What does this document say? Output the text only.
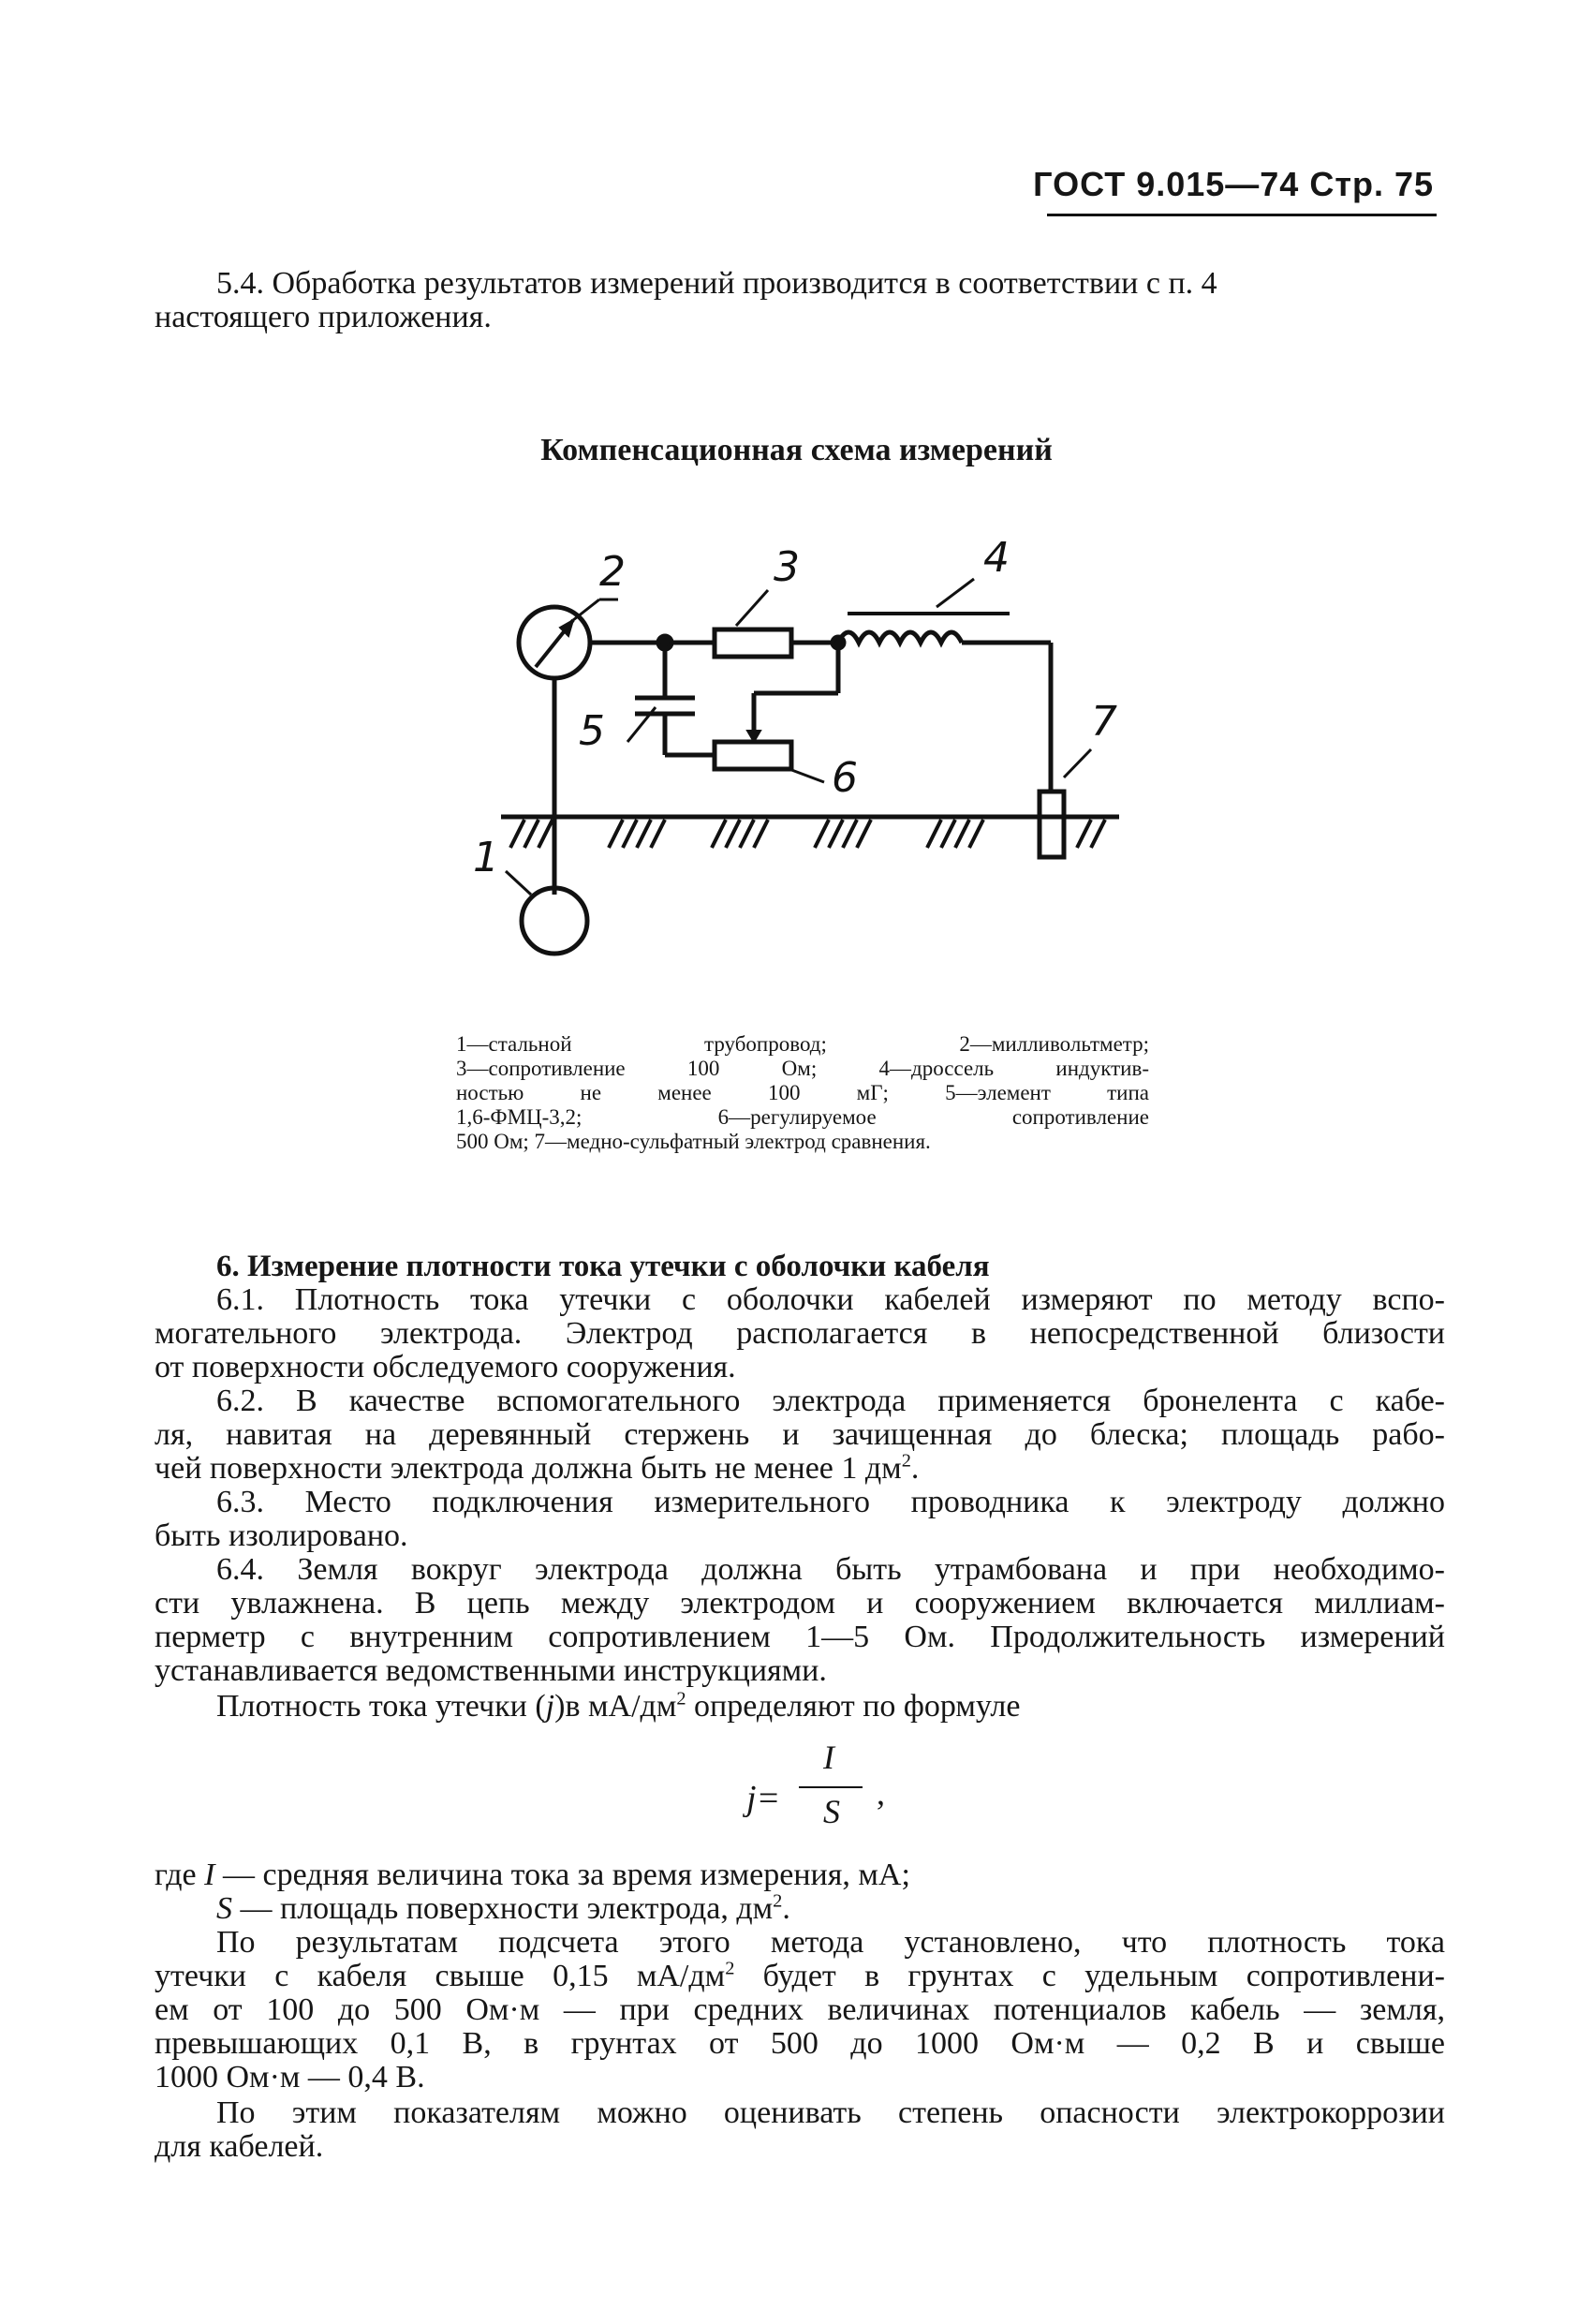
ГОСТ 9.015—74 Стр. 75
5.4. Обработка результатов измерений производится в соответствии с п. 4
настоящего приложения.
Компенсационная схема измерений
2	3	4
5
6
7
1
1—стальной трубопровод; 2—милливольтметр;
3—сопротивление 100 Ом; 4—дроссель индуктив-
ностью не менее 100 мГ; 5—элемент типа
1,6-ФМЦ-3,2; 6—регулируемое сопротивление
500 Ом; 7—медно-сульфатный электрод сравнения.
6. Измерение плотности тока утечки с оболочки кабеля
6.1. Плотность тока утечки с оболочки кабелей измеряют по методу вспо-
могательного электрода. Электрод располагается в непосредственной близости
от поверхности обследуемого сооружения.
6.2. В качестве вспомогательного электрода применяется бронелента с кабе-
ля, навитая на деревянный стержень и зачищенная до блеска; площадь рабо-
чей поверхности электрода должна быть не менее 1 $дм^2$.
6.3. Место подключения измерительного проводника к электроду должно
быть изолировано.
6.4. Земля вокруг электрода должна быть утрамбована и при необходимо-
сти увлажнена. В цепь между электродом и сооружением включается миллиам-
перметр с внутренним сопротивлением 1—5 Ом. Продолжительность измерений
устанавливается ведомственными инструкциями.
Плотность тока утечки (j)в $мА/дм^2$ определяют по формуле
j=
I
S ,
где I — средняя величина тока за время измерения, мА;
S — площадь поверхности электрода, $дм^2$.
По результатам подсчета этого метода установлено, что плотность тока
утечки с кабеля свыше 0,15 $мА/дм^2$ будет в грунтах с удельным сопротивлени-
ем от 100 до 500 Ом·м — при средних величинах потенциалов кабель — земля,
превышающих 0,1 В, в грунтах от 500 до 1000 Ом·м — 0,2 В и свыше
1000 Ом·м — 0,4 В.
По этим показателям можно оценивать степень опасности электрокоррозии
для кабелей.
